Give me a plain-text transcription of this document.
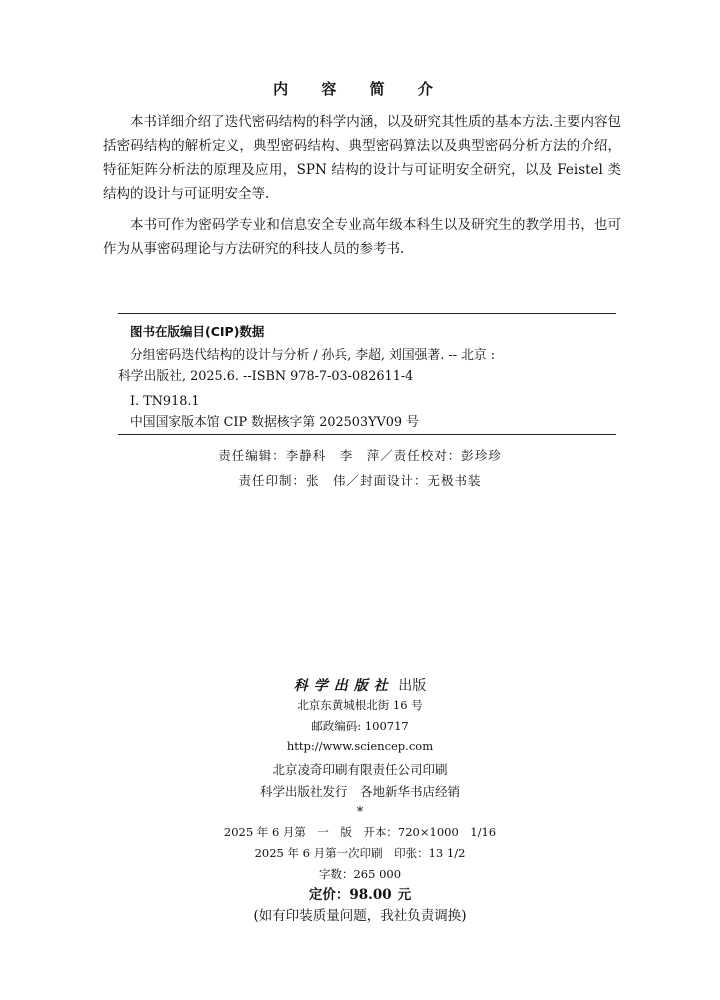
内 容 简 介

本书详细介绍了迭代密码结构的科学内涵，以及研究其性质的基本方法.主要内容包括密码结构的解析定义，典型密码结构、典型密码算法以及典型密码分析方法的介绍，特征矩阵分析法的原理及应用，SPN 结构的设计与可证明安全研究，以及 Feistel 类结构的设计与可证明安全等.

本书可作为密码学专业和信息安全专业高年级本科生以及研究生的教学用书，也可作为从事密码理论与方法研究的科技人员的参考书.

图书在版编目(CIP)数据
分组密码迭代结构的设计与分析 / 孙兵, 李超, 刘国强著. -- 北京 :
科学出版社, 2025.6. --ISBN 978-7-03-082611-4
I. TN918.1
中国国家版本馆 CIP 数据核字第 202503YV09 号
责任编辑：李静科　李　萍／责任校对：彭珍珍
责任印制：张　伟／封面设计：无极书装
科学出版社 出版
北京东黄城根北街 16 号
邮政编码: 100717
http://www.sciencep.com
北京凌奇印刷有限责任公司印刷
科学出版社发行　各地新华书店经销
*
2025 年 6 月第　一　版　开本：720×1000　1/16
2025 年 6 月第一次印刷　印张：13 1/2
字数：265 000
定价：98.00 元
(如有印装质量问题，我社负责调换)
